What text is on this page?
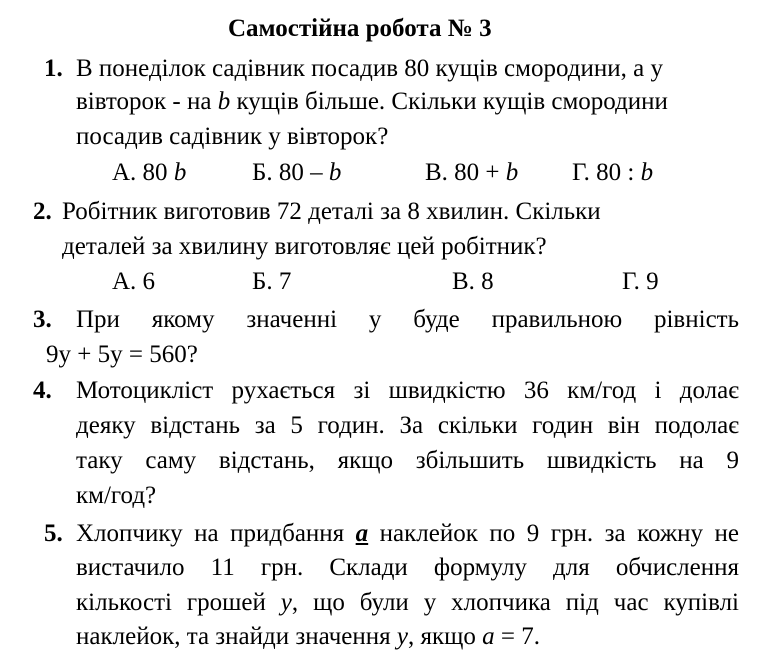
Самостійна робота № 3
1. В понеділок садівник посадив 80 кущів смородини, а у
вівторок - на b кущів більше. Скільки кущів смородини
посадив садівник у вівторок?
А. 80 b	Б. 80 – b	В. 80 + b Г. 80 : b
2. Робітник виготовив 72 деталі за 8 хвилин. Скільки
деталей за хвилину виготовляє цей робітник?
А. 6	Б. 7	В. 8	Г. 9
3. При якому значенні у буде правильною рівність
9у + 5у = 560?
4. Мотоцикліст рухається зі швидкістю 36 км/год і долає
деяку відстань за 5 годин. За скільки годин він подолає
таку саму відстань, якщо збільшить швидкість на 9
км/год?
5. Хлопчику на придбання а наклейок по 9 грн. за кожну не
вистачило 11 грн. Склади формулу для обчислення
кількості грошей у, що були у хлопчика під час купівлі
наклейок, та знайди значення у, якщо а = 7.
